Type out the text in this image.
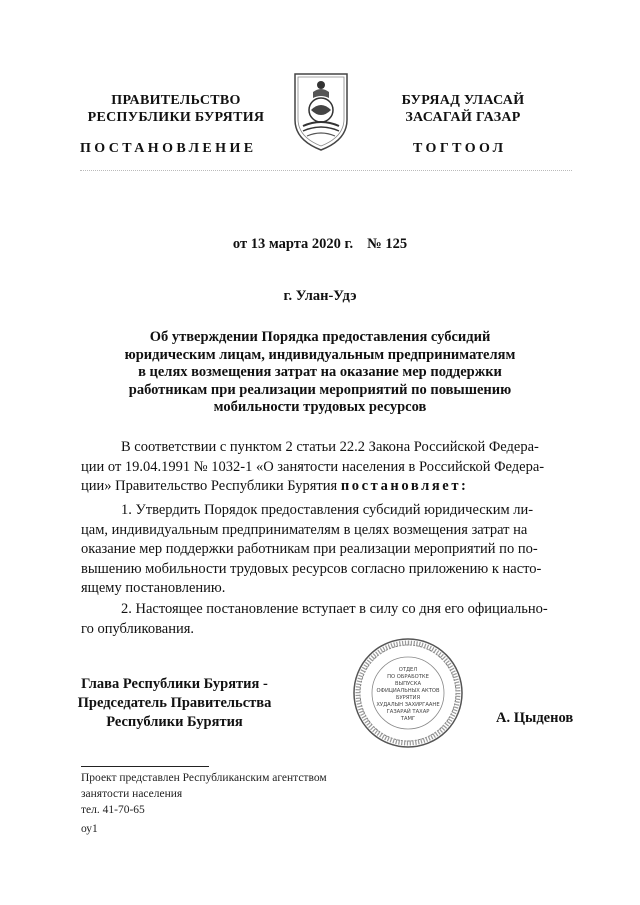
ПРАВИТЕЛЬСТВО
РЕСПУБЛИКИ БУРЯТИЯ
БУРЯАД УЛАСАЙ
ЗАСАГАЙ ГАЗАР
ПОСТАНОВЛЕНИЕ	ТОГТООЛ
от 13 марта 2020 г. № 125
г. Улан-Удэ
Об утверждении Порядка предоставления субсидий
юридическим лицам, индивидуальным предпринимателям
в целях возмещения затрат на оказание мер поддержки
работникам при реализации мероприятий по повышению
мобильности трудовых ресурсов
В соответствии с пунктом 2 статьи 22.2 Закона Российской Федера-
ции от 19.04.1991 № 1032-1 «О занятости населения в Российской Федера-
ции» Правительство Республики Бурятия постановляет:
1. Утвердить Порядок предоставления субсидий юридическим ли-
цам, индивидуальным предпринимателям в целях возмещения затрат на
оказание мер поддержки работникам при реализации мероприятий по по-
вышению мобильности трудовых ресурсов согласно приложению к насто-
ящему постановлению.
2. Настоящее постановление вступает в силу со дня его официально-
го опубликования.
Глава Республики Бурятия -
Председатель Правительства
Республики Бурятия
ОТДЕЛ
ПО ОБРАБОТКЕ
ВЫПУСКА
ОФИЦИАЛЬНЫХ АКТОВ
БУРЯТИЯ
ХУДАЛЫН ЗАХИРГААНЕ
ГАЗАРАЙ ТАХАР
ТАМГ	А. Цыденов
Проект представлен Республиканским агентством
занятости населения
тел. 41-70-65
оу1
